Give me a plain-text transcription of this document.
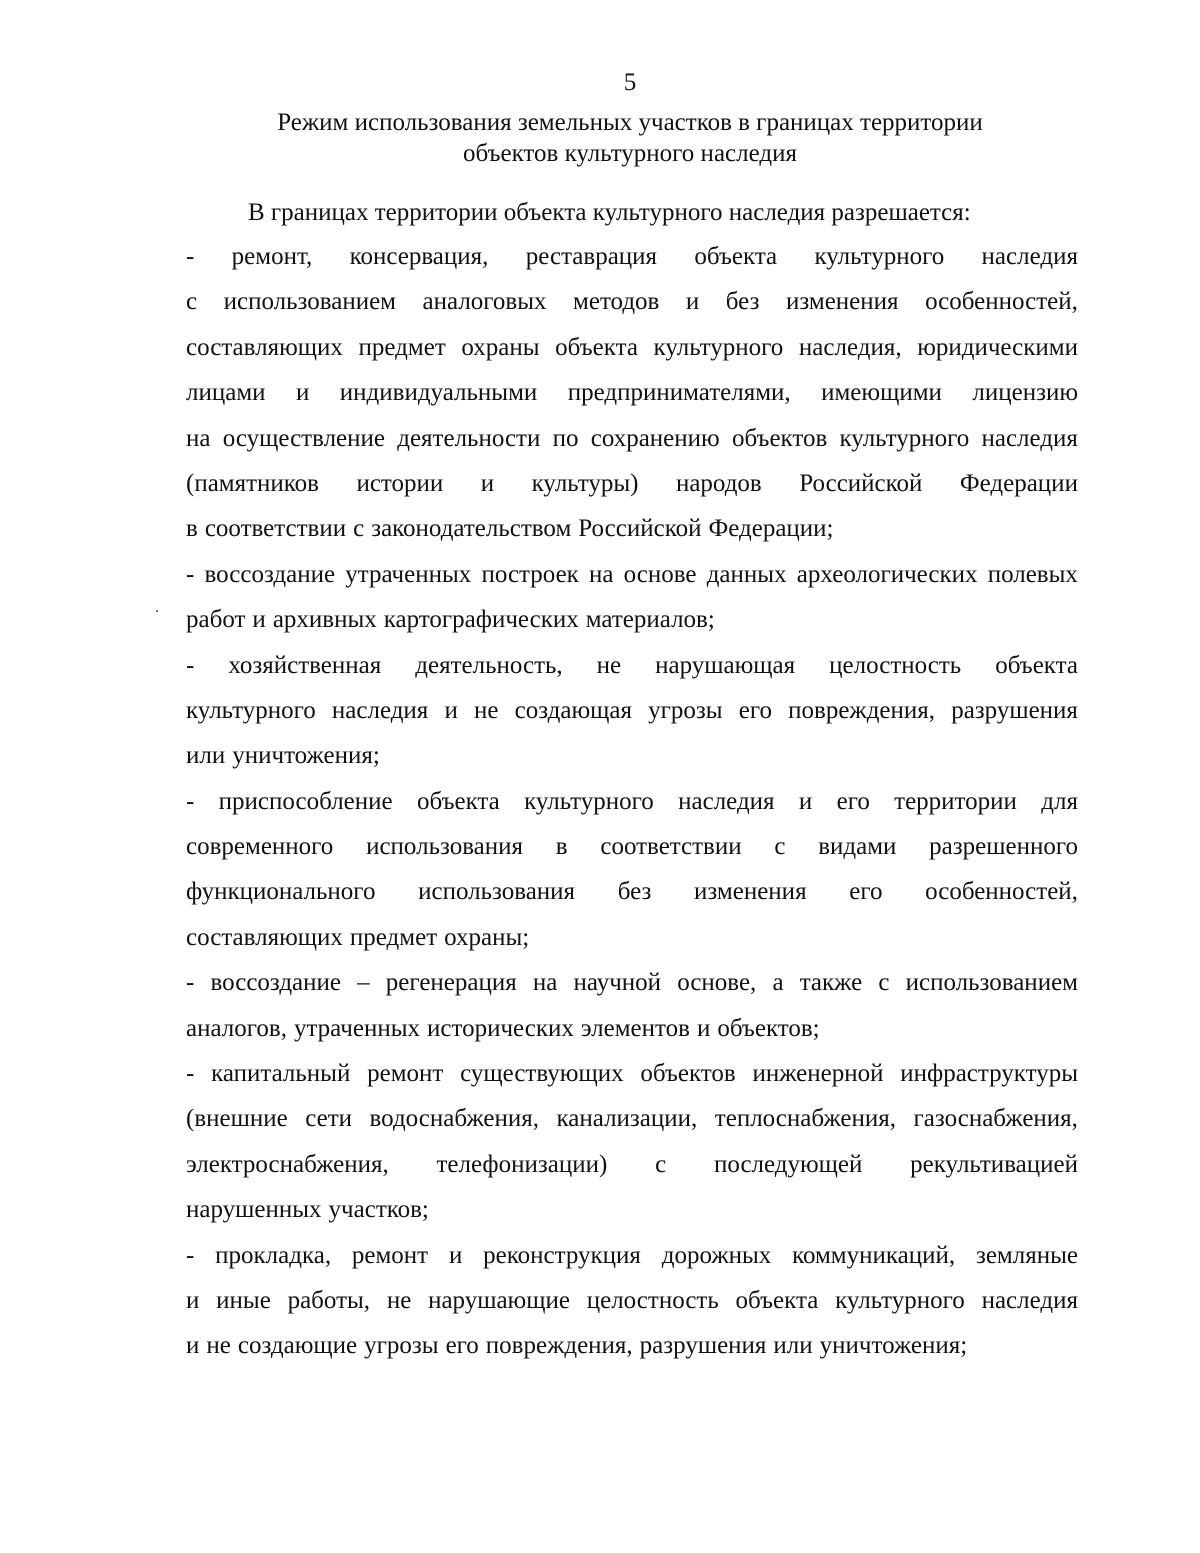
5
Режим использования земельных участков в границах территории
объектов культурного наследия
В границах территории объекта культурного наследия разрешается:
- ремонт, консервация, реставрация объекта культурного наследия
с использованием аналоговых методов и без изменения особенностей,
составляющих предмет охраны объекта культурного наследия, юридическими
лицами и индивидуальными предпринимателями, имеющими лицензию
на осуществление деятельности по сохранению объектов культурного наследия
(памятников истории и культуры) народов Российской Федерации
в соответствии с законодательством Российской Федерации;
- воссоздание утраченных построек на основе данных археологических полевых
работ и архивных картографических материалов;
- хозяйственная деятельность, не нарушающая целостность объекта
культурного наследия и не создающая угрозы его повреждения, разрушения
или уничтожения;
- приспособление объекта культурного наследия и его территории для
современного использования в соответствии с видами разрешенного
функционального использования без изменения его особенностей,
составляющих предмет охраны;
- воссоздание – регенерация на научной основе, а также с использованием
аналогов, утраченных исторических элементов и объектов;
- капитальный ремонт существующих объектов инженерной инфраструктуры
(внешние сети водоснабжения, канализации, теплоснабжения, газоснабжения,
электроснабжения, телефонизации) с последующей рекультивацией
нарушенных участков;
- прокладка, ремонт и реконструкция дорожных коммуникаций, земляные
и иные работы, не нарушающие целостность объекта культурного наследия
и не создающие угрозы его повреждения, разрушения или уничтожения;
